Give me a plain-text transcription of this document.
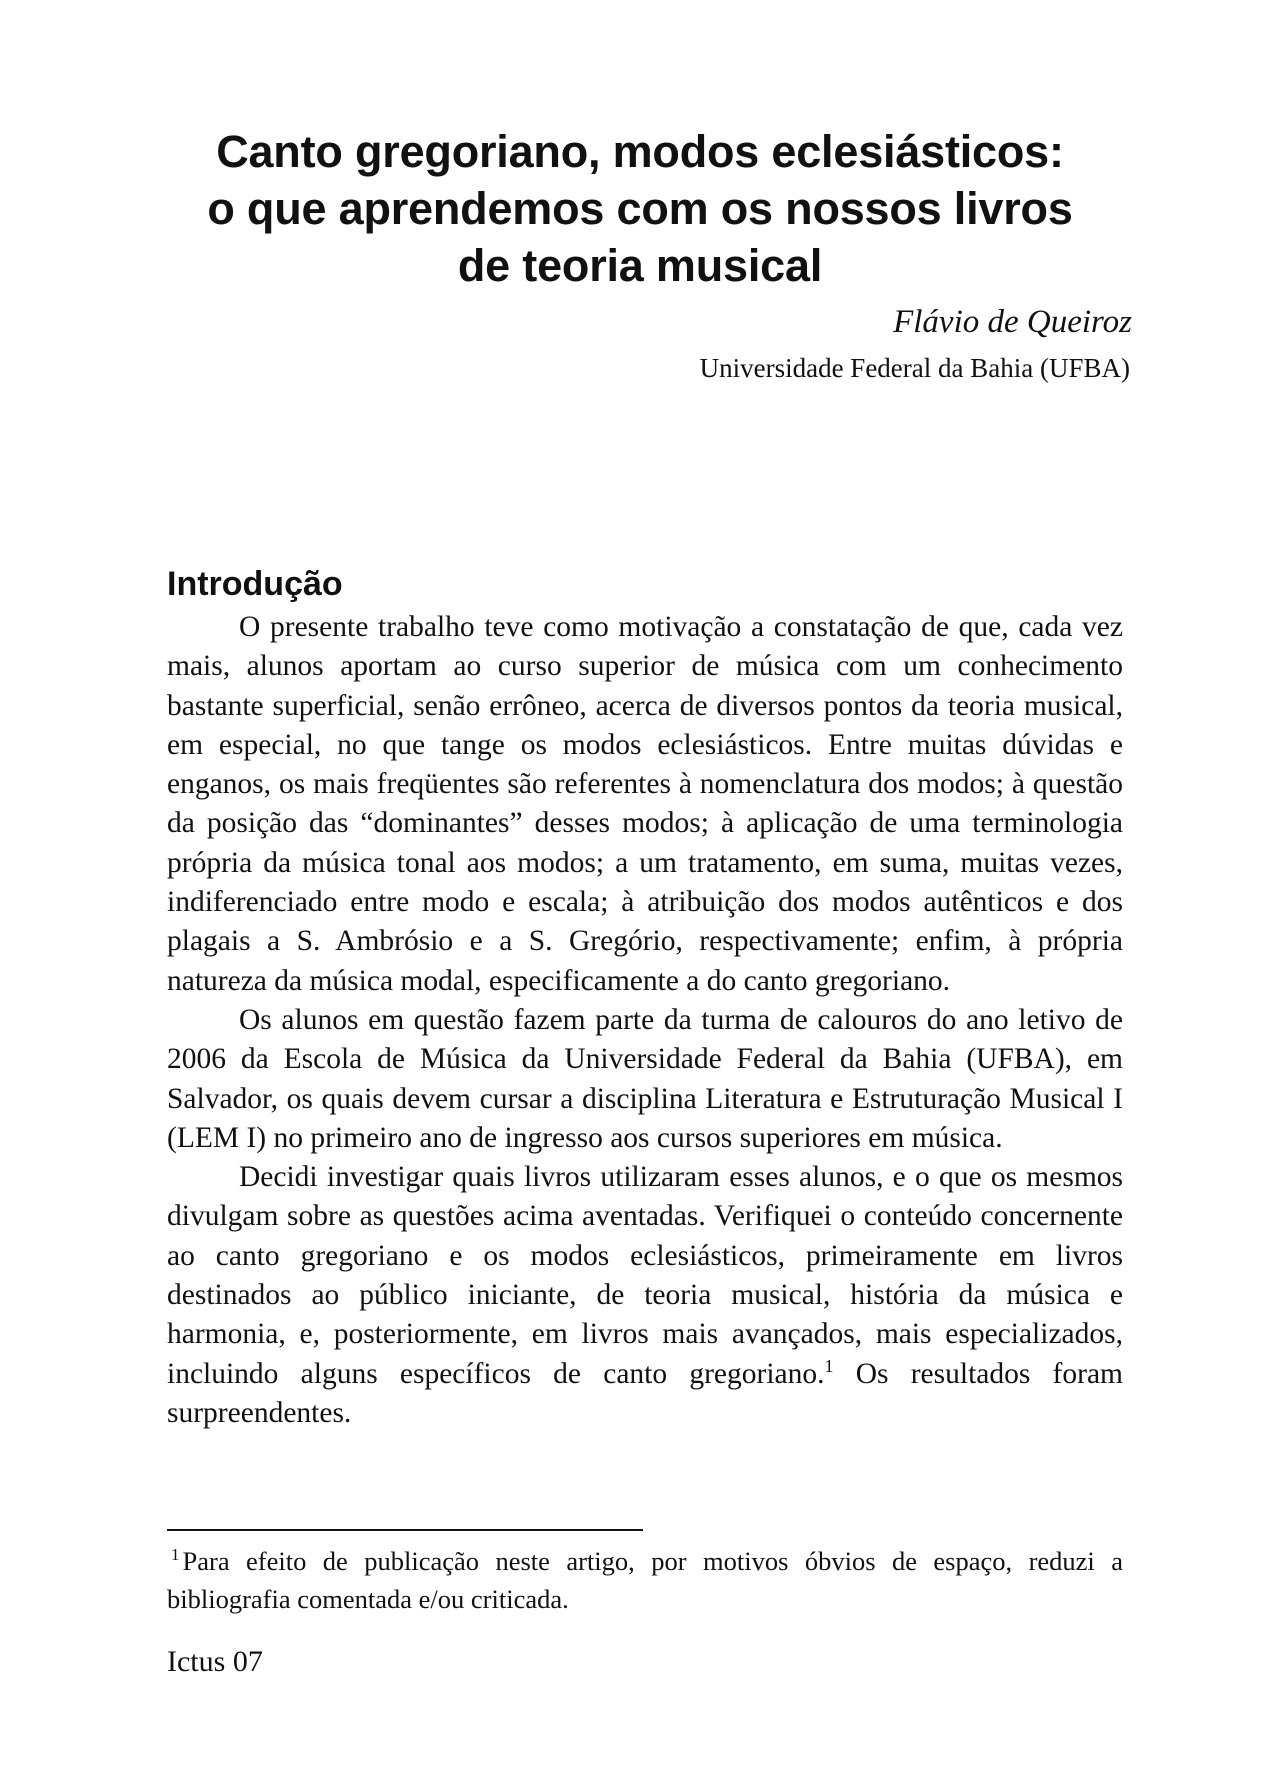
Canto gregoriano, modos eclesiásticos:
o que aprendemos com os nossos livros
de teoria musical
Flávio de Queiroz
Universidade Federal da Bahia (UFBA)
Introdução

O presente trabalho teve como motivação a constatação de que, cada vez mais, alunos aportam ao curso superior de música com um conhecimento bastante superficial, senão errôneo, acerca de diversos pontos da teoria musical, em especial, no que tange os modos eclesiásticos. Entre muitas dúvidas e enganos, os mais freqüentes são referentes à nomenclatura dos modos; à questão da posição das “dominantes” desses modos; à aplicação de uma terminologia própria da música tonal aos modos; a um tratamento, em suma, muitas vezes, indiferenciado entre modo e escala; à atribuição dos modos autênticos e dos plagais a S. Ambrósio e a S. Gregório, respectivamente; enfim, à própria natureza da música modal, especificamente a do canto gregoriano.

Os alunos em questão fazem parte da turma de calouros do ano letivo de 2006 da Escola de Música da Universidade Federal da Bahia (UFBA), em Salvador, os quais devem cursar a disciplina Literatura e Estruturação Musical I (LEM I) no primeiro ano de ingresso aos cursos superiores em música.

Decidi investigar quais livros utilizaram esses alunos, e o que os mesmos divulgam sobre as questões acima aventadas. Verifiquei o conteúdo concernente ao canto gregoriano e os modos eclesiásticos, primeiramente em livros destinados ao público iniciante, de teoria musical, história da música e harmonia, e, posteriormente, em livros mais avançados, mais especializados, incluindo alguns específicos de canto gregoriano.$^1$ Os resultados foram surpreendentes.

$^1$ Para efeito de publicação neste artigo, por motivos óbvios de espaço, reduzi a bibliografia comentada e/ou criticada.
Ictus 07
